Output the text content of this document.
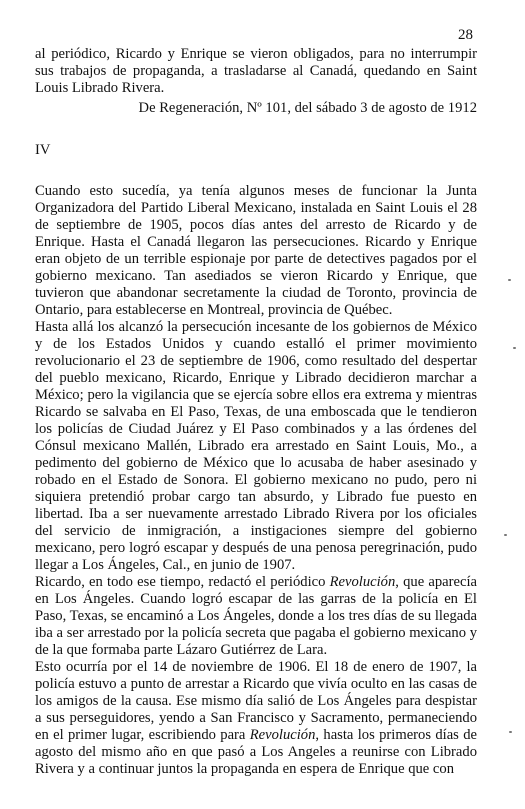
28

al periódico, Ricardo y Enrique se vieron obligados, para no interrumpir sus trabajos de propaganda, a trasladarse al Canadá, quedando en Saint Louis Librado Rivera.

De Regeneración, Nº 101, del sábado 3 de agosto de 1912

IV

Cuando esto sucedía, ya tenía algunos meses de funcionar la Junta Organizadora del Partido Liberal Mexicano, instalada en Saint Louis el 28 de septiembre de 1905, pocos días antes del arresto de Ricardo y de Enrique. Hasta el Canadá llegaron las persecuciones. Ricardo y Enrique eran objeto de un terrible espionaje por parte de detectives pagados por el gobierno mexicano. Tan asediados se vieron Ricardo y Enrique, que tuvieron que abandonar secretamente la ciudad de Toronto, provincia de Ontario, para establecerse en Montreal, provincia de Québec.

Hasta allá los alcanzó la persecución incesante de los gobiernos de México y de los Estados Unidos y cuando estalló el primer movimiento revolucionario el 23 de septiembre de 1906, como resultado del despertar del pueblo mexicano, Ricardo, Enrique y Librado decidieron marchar a México; pero la vigilancia que se ejercía sobre ellos era extrema y mientras Ricardo se salvaba en El Paso, Texas, de una emboscada que le tendieron los policías de Ciudad Juárez y El Paso combinados y a las órdenes del Cónsul mexicano Mallén, Librado era arrestado en Saint Louis, Mo., a pedimento del gobierno de México que lo acusaba de haber asesinado y robado en el Estado de Sonora. El gobierno mexicano no pudo, pero ni siquiera pretendió probar cargo tan absurdo, y Librado fue puesto en libertad. Iba a ser nuevamente arrestado Librado Rivera por los oficiales del servicio de inmigración, a instigaciones siempre del gobierno mexicano, pero logró escapar y después de una penosa peregrinación, pudo llegar a Los Ángeles, Cal., en junio de 1907.

Ricardo, en todo ese tiempo, redactó el periódico Revolución, que aparecía en Los Ángeles. Cuando logró escapar de las garras de la policía en El Paso, Texas, se encaminó a Los Ángeles, donde a los tres días de su llegada iba a ser arrestado por la policía secreta que pagaba el gobierno mexicano y de la que formaba parte Lázaro Gutiérrez de Lara.

Esto ocurría por el 14 de noviembre de 1906. El 18 de enero de 1907, la policía estuvo a punto de arrestar a Ricardo que vivía oculto en las casas de los amigos de la causa. Ese mismo día salió de Los Ángeles para despistar a sus perseguidores, yendo a San Francisco y Sacramento, permaneciendo en el primer lugar, escribiendo para Revolución, hasta los primeros días de agosto del mismo año en que pasó a Los Angeles a reunirse con Librado Rivera y a continuar juntos la propaganda en espera de Enrique que con
